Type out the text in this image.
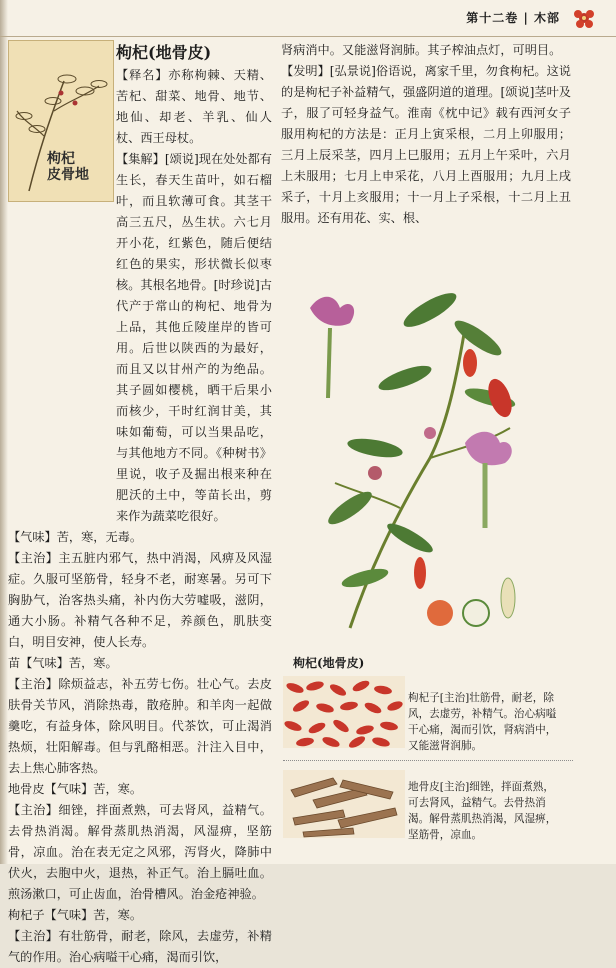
第十二卷 | 木部
枸杞 皮骨地
枸杞(地骨皮)

【释名】亦称枸棘、天精、苦杞、甜菜、地骨、地节、地仙、却老、羊乳、仙人杖、西王母杖。

【集解】[颂说]现在处处都有生长，春天生苗叶，如石榴叶，而且软薄可食。其茎干高三五尺，丛生状。六七月开小花，红紫色，随后便结红色的果实，形状微长似枣核。其根名地骨。[时珍说]古代产于常山的枸杞、地骨为上品，其他丘陵崖岸的皆可用。后世以陕西的为最好，而且又以甘州产的为绝品。其子圆如樱桃，晒干后果小而核少，干时红润甘美，其味如葡萄，可以当果品吃，与其他地方不同。《种树书》里说，收子及掘出根来种在肥沃的土中，等苗长出，剪来作为蔬菜吃很好。

【气味】苦，寒，无毒。

【主治】主五脏内邪气，热中消渴，风痹及风湿症。久服可坚筋骨，轻身不老，耐寒暑。另可下胸胁气，治客热头痛，补内伤大劳嘘吸，滋阴，通大小肠。补精气各种不足，养颜色，肌肤变白，明目安神，使人长寿。

苗【气味】苦，寒。

【主治】除烦益志，补五劳七伤。壮心气。去皮肤骨关节风，消除热毒，散疮肿。和羊肉一起做羹吃，有益身体，除风明目。代茶饮，可止渴消热烦，壮阳解毒。但与乳酪相恶。汁注入目中，去上焦心肺客热。

地骨皮【气味】苦，寒。

【主治】细锉，拌面煮熟，可去肾风，益精气。去骨热消渴。解骨蒸肌热消渴，风湿痹，坚筋骨，凉血。治在表无定之风邪，泻肾火，降肺中伏火，去胞中火，退热，补正气。治上膈吐血。煎汤漱口，可止齿血，治骨槽风。治金疮神验。

枸杞子【气味】苦，寒。

【主治】有壮筋骨，耐老，除风，去虚劳，补精气的作用。治心病嗌干心痛，渴而引饮，

肾病消中。又能滋肾润肺。其子榨油点灯，可明目。

【发明】[弘景说]俗语说，离家千里，勿食枸杞。这说的是枸杞子补益精气，强盛阴道的道理。[颂说]茎叶及子，服了可轻身益气。淮南《枕中记》载有西河女子服用枸杞的方法是：正月上寅采根，二月上卯服用；三月上辰采茎，四月上巳服用；五月上午采叶，六月上未服用；七月上申采花，八月上酉服用；九月上戌采子，十月上亥服用；十一月上子采根，十二月上丑服用。还有用花、实、根、

枸杞(地骨皮)
枸杞子[主治]壮筋骨，耐老，除风，去虚劳，补精气。治心病嗌干心痛，渴而引饮，肾病消中，又能滋肾润肺。
地骨皮[主治]细锉，拌面煮熟，可去肾风，益精气。去骨热消渴。解骨蒸肌热消渴，风湿痹，坚筋骨，凉血。
